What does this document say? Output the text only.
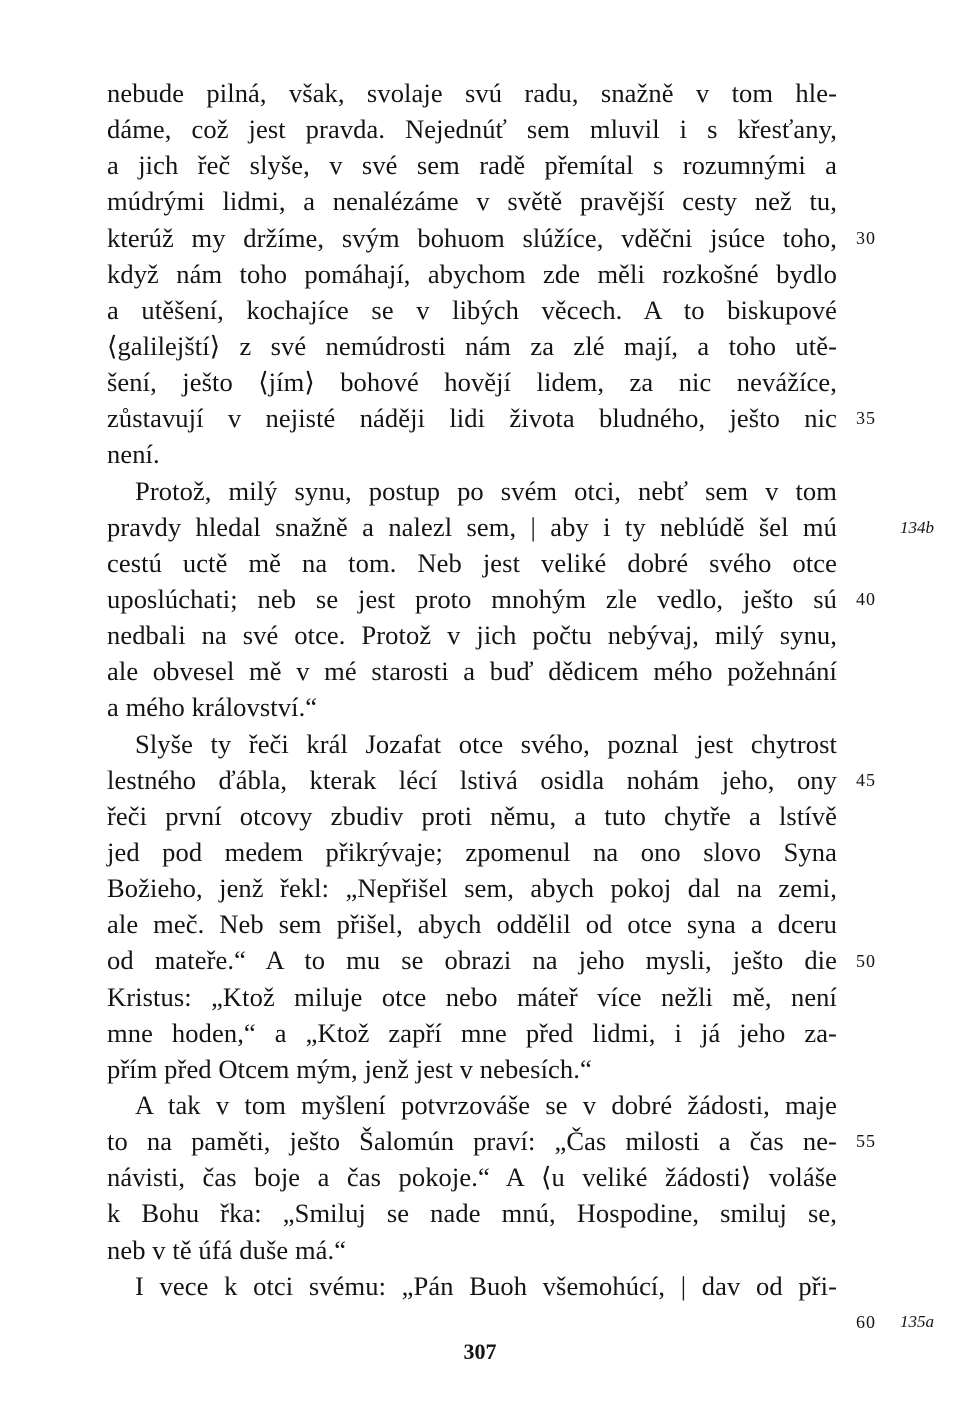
nebude pilná, však, svolaje svú radu, snažně v tom hle-
dáme, což jest pravda. Nejednúť sem mluvil i s křesťany,
a jich řeč slyše, v své sem radě přemítal s rozumnými a
múdrými lidmi, a nenalézáme v světě pravější cesty než tu,
kterúž my držíme, svým bohuom slúžíce, vděčni jsúce toho,
když nám toho pomáhají, abychom zde měli rozkošné bydlo
a utěšení, kochajíce se v libých věcech. A to biskupové
⟨galilejští⟩ z své nemúdrosti nám za zlé mají, a toho utě-
šení, ješto ⟨jím⟩ bohové hovějí lidem, za nic nevážíce,
zůstavují v nejisté náději lidi života bludného, ješto nic
není.
Protož, milý synu, postup po svém otci, nebť sem v tom
pravdy hledal snažně a nalezl sem, | aby i ty neblúdě šel mú
cestú uctě mě na tom. Neb jest veliké dobré svého otce
uposlúchati; neb se jest proto mnohým zle vedlo, ješto sú
nedbali na své otce. Protož v jich počtu nebývaj, milý synu,
ale obvesel mě v mé starosti a buď dědicem mého požehnání
a mého království.“
Slyše ty řeči král Jozafat otce svého, poznal jest chytrost
lestného ďábla, kterak lécí lstivá osidla nohám jeho, ony
řeči první otcovy zbudiv proti němu, a tuto chytře a lstívě
jed pod medem přikrývaje; zpomenul na ono slovo Syna
Božieho, jenž řekl: „Nepřišel sem, abych pokoj dal na zemi,
ale meč. Neb sem přišel, abych oddělil od otce syna a dceru
od mateře.“ A to mu se obrazi na jeho mysli, ješto die
Kristus: „Ktož miluje otce nebo máteř více nežli mě, není
mne hoden,“ a „Ktož zapří mne před lidmi, i já jeho za-
přím před Otcem mým, jenž jest v nebesích.“
A tak v tom myšlení potvrzováše se v dobré žádosti, maje
to na paměti, ješto Šalomún praví: „Čas milosti a čas ne-
návisti, čas boje a čas pokoje.“ A ⟨u veliké žádosti⟩ voláše
k Bohu řka: „Smiluj se nade mnú, Hospodine, smiluj se,
neb v tě úfá duše má.“
I vece k otci svému: „Pán Buoh všemohúcí, | dav od při-
30
35
40
45
50
55
60
134b
135a
307
